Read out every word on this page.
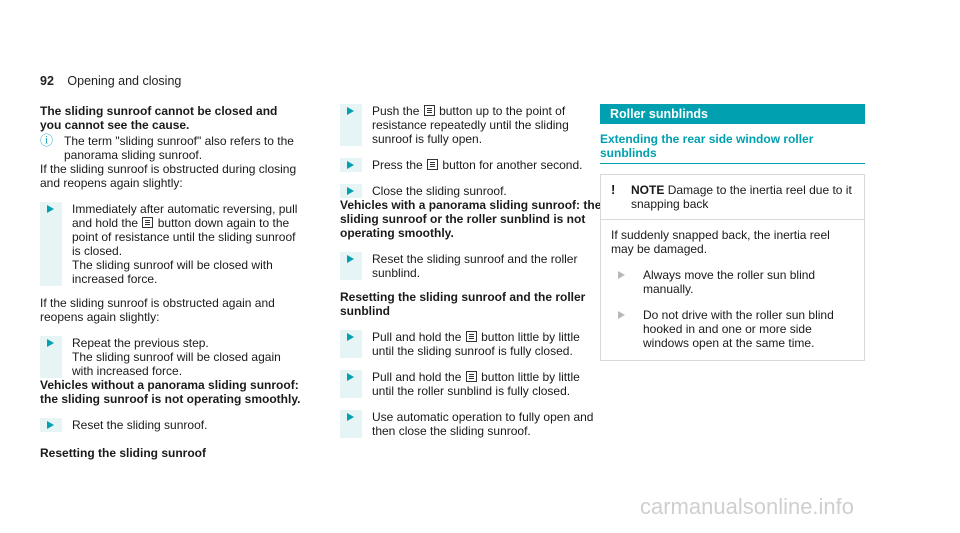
92 Opening and closing

The sliding sunroof cannot be closed and you cannot see the cause.

ⓘ The term "sliding sunroof" also refers to the panorama sliding sunroof.

If the sliding sunroof is obstructed during closing and reopens again slightly:

Immediately after automatic reversing, pull and hold the button down again to the point of resistance until the sliding sunroof is closed.

The sliding sunroof will be closed with increased force.

If the sliding sunroof is obstructed again and reopens again slightly:

Repeat the previous step.

The sliding sunroof will be closed again with increased force.

Vehicles without a panorama sliding sunroof: the sliding sunroof is not operating smoothly.

Reset the sliding sunroof.

Resetting the sliding sunroof

Push the button up to the point of resistance repeatedly until the sliding sunroof is fully open.

Press the button for another second.

Close the sliding sunroof.

Vehicles with a panorama sliding sunroof: the sliding sunroof or the roller sunblind is not operating smoothly.

Reset the sliding sunroof and the roller sunblind.

Resetting the sliding sunroof and the roller sunblind

Pull and hold the button little by little until the sliding sunroof is fully closed.

Pull and hold the button little by little until the roller sunblind is fully closed.

Use automatic operation to fully open and then close the sliding sunroof.

Roller sunblinds
Extending the rear side window roller sunblinds
!	NOTE Damage to the inertia reel due to it snapping back

If suddenly snapped back, the inertia reel may be damaged.

Always move the roller sun blind manually.

Do not drive with the roller sun blind hooked in and one or more side windows open at the same time.

carmanualsonline.info
